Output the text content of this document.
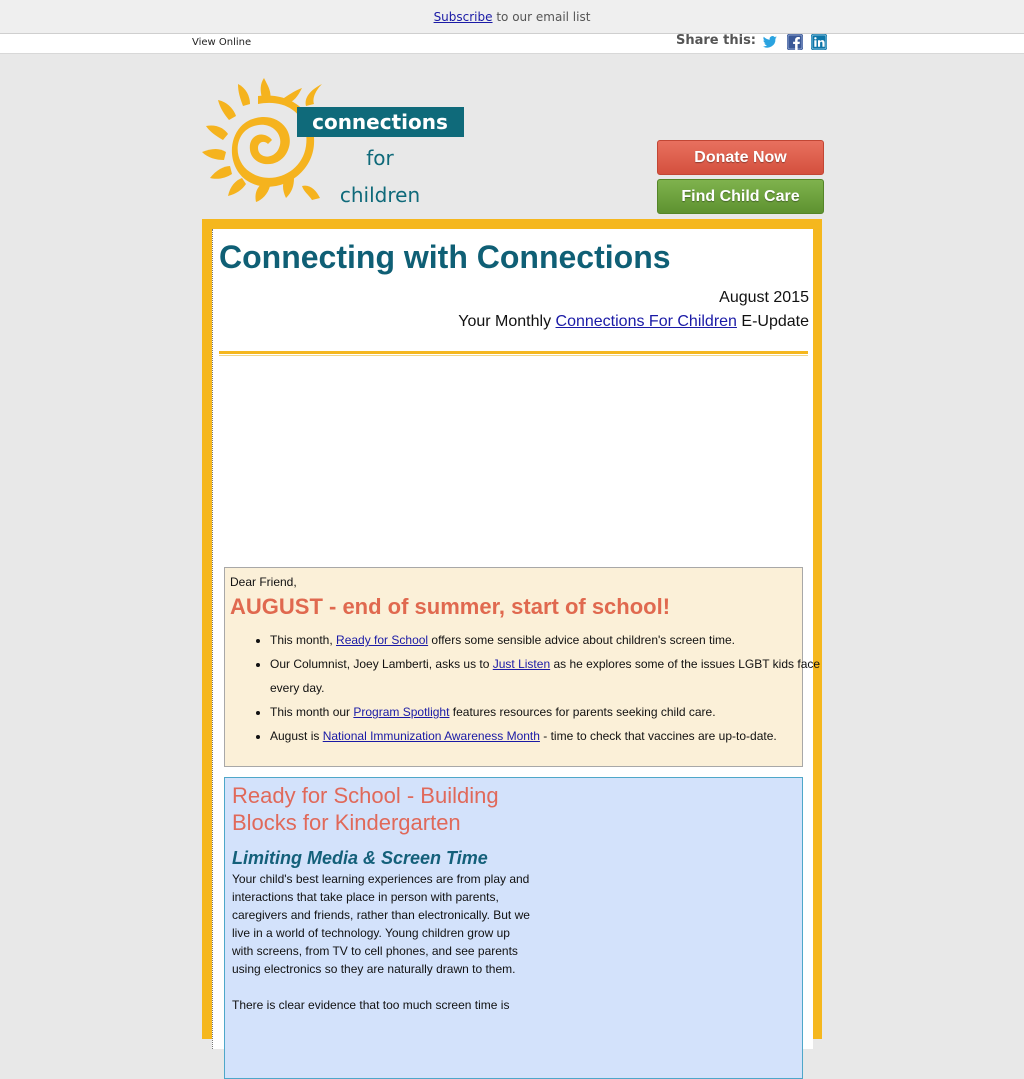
Subscribe to our email list
View Online	Share this:
connections
for
children
Donate Now
Find Child Care
Connecting with Connections
August 2015
Your Monthly Connections For Children E-Update
Dear Friend,
AUGUST - end of summer, start of school!
• This month, Ready for School offers some sensible advice about children's screen time.
• Our Columnist, Joey Lamberti, asks us to Just Listen as he explores some of the issues LGBT kids face every day.
• This month our Program Spotlight features resources for parents seeking child care.
• August is National Immunization Awareness Month - time to check that vaccines are up-to-date.
Ready for School - Building Blocks for Kindergarten
Limiting Media & Screen Time

Your child's best learning experiences are from play and interactions that take place in person with parents, caregivers and friends, rather than electronically. But we live in a world of technology. Young children grow up with screens, from TV to cell phones, and see parents using electronics so they are naturally drawn to them.

There is clear evidence that too much screen time is
